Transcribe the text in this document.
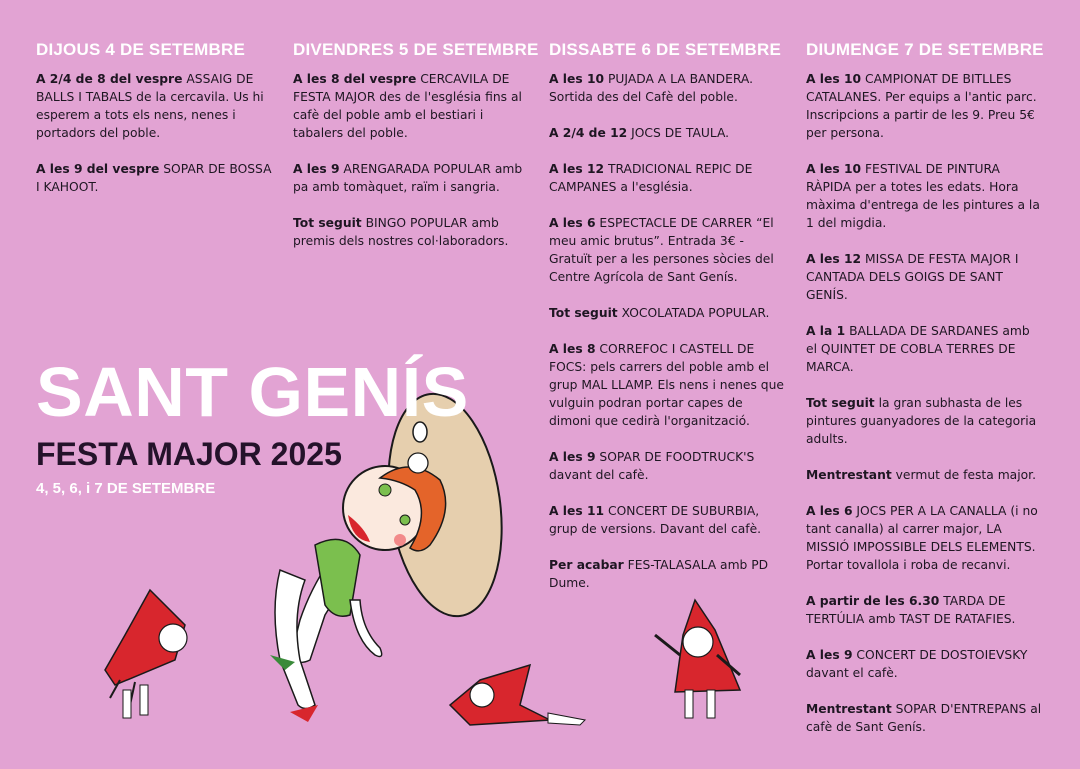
DIJOUS 4 DE SETEMBRE

A 2/4 de 8 del vespre ASSAIG DE BALLS I TABALS de la cercavila. Us hi esperem a tots els nens, nenes i portadors del poble.

A les 9 del vespre SOPAR DE BOSSA I KAHOOT.

DIVENDRES 5 DE SETEMBRE

A les 8 del vespre CERCAVILA DE FESTA MAJOR des de l'església fins al cafè del poble amb el bestiari i tabalers del poble.

A les 9 ARENGARADA POPULAR amb pa amb tomàquet, raïm i sangria.

Tot seguit BINGO POPULAR amb premis dels nostres col·laboradors.

DISSABTE 6 DE SETEMBRE

A les 10 PUJADA A LA BANDERA. Sortida des del Cafè del poble.

A 2/4 de 12 JOCS DE TAULA.

A les 12 TRADICIONAL REPIC DE CAMPANES a l'església.

A les 6 ESPECTACLE DE CARRER “El meu amic brutus”. Entrada 3€ - Gratuït per a les persones sòcies del Centre Agrícola de Sant Genís.

Tot seguit XOCOLATADA POPULAR.

A les 8 CORREFOC I CASTELL DE FOCS: pels carrers del poble amb el grup MAL LLAMP. Els nens i nenes que vulguin podran portar capes de dimoni que cedirà l'organització.

A les 9 SOPAR DE FOODTRUCK'S davant del cafè.

A les 11 CONCERT DE SUBURBIA, grup de versions. Davant del cafè.

Per acabar FES-TALASALA amb PD Dume.

DIUMENGE 7 DE SETEMBRE

A les 10 CAMPIONAT DE BITLLES CATALANES. Per equips a l'antic parc. Inscripcions a partir de les 9. Preu 5€ per persona.

A les 10 FESTIVAL DE PINTURA RÀPIDA per a totes les edats. Hora màxima d'entrega de les pintures a la 1 del migdia.

A les 12 MISSA DE FESTA MAJOR I CANTADA DELS GOIGS DE SANT GENÍS.

A la 1 BALLADA DE SARDANES amb el QUINTET DE COBLA TERRES DE MARCA.

Tot seguit la gran subhasta de les pintures guanyadores de la categoria adults.

Mentrestant vermut de festa major.

A les 6 JOCS PER A LA CANALLA (i no tant canalla) al carrer major, LA MISSIÓ IMPOSSIBLE DELS ELEMENTS. Portar tovallola i roba de recanvi.

A partir de les 6.30 TARDA DE TERTÚLIA amb TAST DE RATAFIES.

A les 9 CONCERT DE DOSTOIEVSKY davant el cafè.

Mentrestant SOPAR D'ENTREPANS al cafè de Sant Genís.

SANT GENÍS
FESTA MAJOR 2025
4, 5, 6, i 7 DE SETEMBRE
